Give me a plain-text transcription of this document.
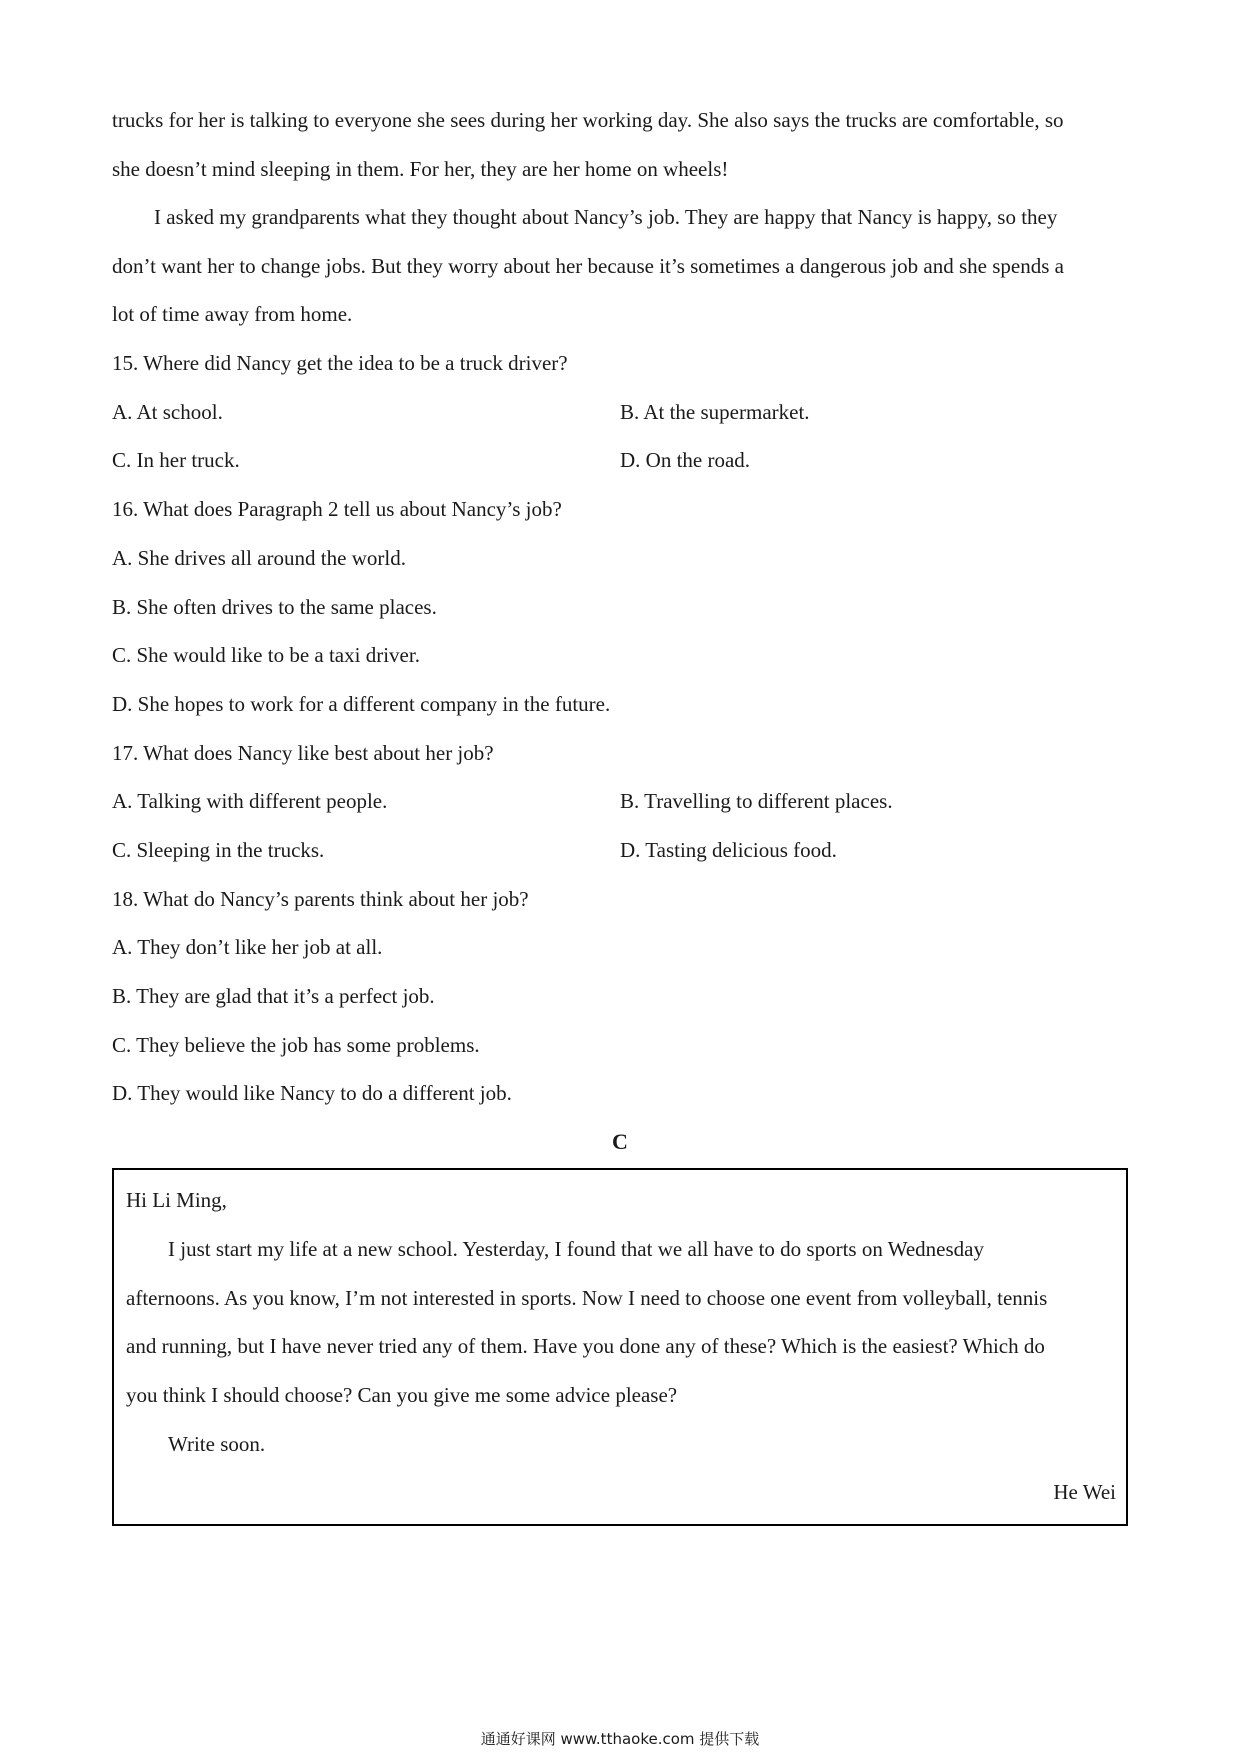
trucks for her is talking to everyone she sees during her working day. She also says the trucks are comfortable, so
she doesn’t mind sleeping in them. For her, they are her home on wheels!
I asked my grandparents what they thought about Nancy’s job. They are happy that Nancy is happy, so they
don’t want her to change jobs. But they worry about her because it’s sometimes a dangerous job and she spends a
lot of time away from home.
15. Where did Nancy get the idea to be a truck driver?
A. At school.	B. At the supermarket.
C. In her truck.	D. On the road.
16. What does Paragraph 2 tell us about Nancy’s job?
A. She drives all around the world.
B. She often drives to the same places.
C. She would like to be a taxi driver.
D. She hopes to work for a different company in the future.
17. What does Nancy like best about her job?
A. Talking with different people.	B. Travelling to different places.
C. Sleeping in the trucks.	D. Tasting delicious food.
18. What do Nancy’s parents think about her job?
A. They don’t like her job at all.
B. They are glad that it’s a perfect job.
C. They believe the job has some problems.
D. They would like Nancy to do a different job.
C
Hi Li Ming,
I just start my life at a new school. Yesterday, I found that we all have to do sports on Wednesday
afternoons. As you know, I’m not interested in sports. Now I need to choose one event from volleyball, tennis
and running, but I have never tried any of them. Have you done any of these? Which is the easiest? Which do
you think I should choose? Can you give me some advice please?
Write soon.
He Wei
通通好课网 www.tthaoke.com 提供下载
